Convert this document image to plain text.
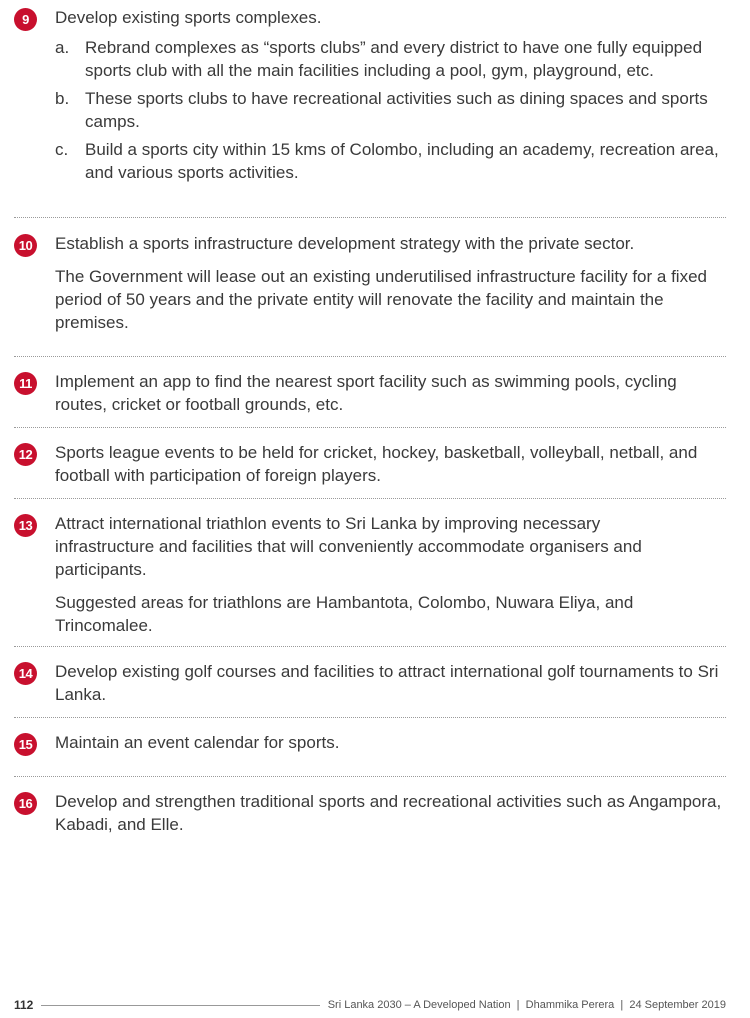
9	Develop existing sports complexes.

a. Rebrand complexes as “sports clubs” and every district to have one fully equipped sports club with all the main facilities including a pool, gym, playground, etc.
b. These sports clubs to have recreational activities such as dining spaces and sports camps.
c. Build a sports city within 15 kms of Colombo, including an academy, recreation area, and various sports activities.
10 Establish a sports infrastructure development strategy with the private sector.

The Government will lease out an existing underutilised infrastructure facility for a fixed period of 50 years and the private entity will renovate the facility and maintain the premises.

11	Implement an app to find the nearest sport facility such as swimming pools, cycling routes, cricket or football grounds, etc.

12 Sports league events to be held for cricket, hockey, basketball, volleyball, netball, and football with participation of foreign players.

13 Attract international triathlon events to Sri Lanka by improving necessary infrastructure and facilities that will conveniently accommodate organisers and participants.

Suggested areas for triathlons are Hambantota, Colombo, Nuwara Eliya, and Trincomalee.

14 Develop existing golf courses and facilities to attract international golf tournaments to Sri Lanka.

15 Maintain an event calendar for sports.

16 Develop and strengthen traditional sports and recreational activities such as Angampora, Kabadi, and Elle.

112	Sri Lanka 2030 – A Developed Nation  |  Dhammika Perera  |  24 September 2019
